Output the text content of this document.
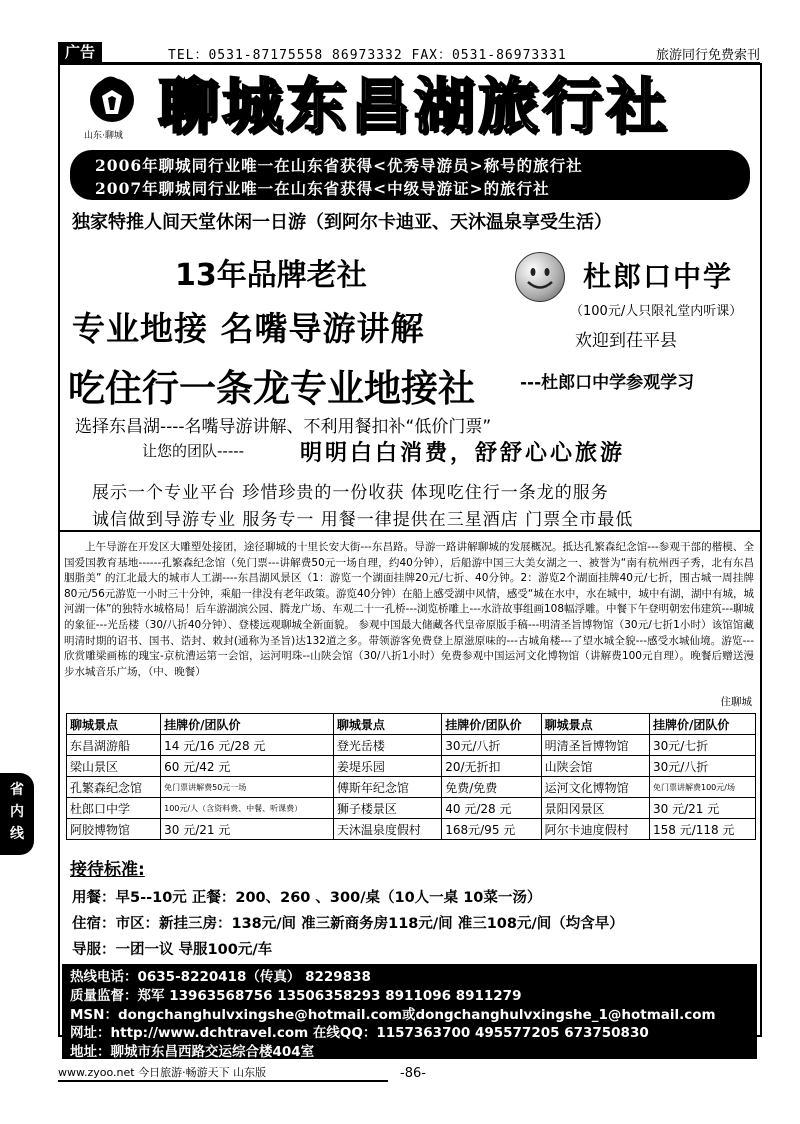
广告	TEL：0531-87175558 86973332 FAX：0531-86973331	旅游同行免费索刊
山东·聊城 聊城东昌湖旅行社
2006年聊城同行业唯一在山东省获得<优秀导游员>称号的旅行社
2007年聊城同行业唯一在山东省获得<中级导游证>的旅行社
独家特推人间天堂休闲一日游（到阿尔卡迪亚、天沐温泉享受生活）
13年品牌老社
专业地接 名嘴导游讲解
吃住行一条龙专业地接社
杜郎口中学
（100元/人只限礼堂内听课）
欢迎到茌平县
---杜郎口中学参观学习
选择东昌湖----名嘴导游讲解、不利用餐扣补“低价门票”
让您的团队-----	明明白白消费，舒舒心心旅游
展示一个专业平台 珍惜珍贵的一份收获 体现吃住行一条龙的服务
诚信做到导游专业 服务专一 用餐一律提供在三星酒店 门票全市最低
上午导游在开发区大雕塑处接团，途径聊城的十里长安大街---东昌路。导游一路讲解聊城的发展概况。抵达孔繁森纪念馆---参观干部的楷模、全国爱国教育基地------孔繁森纪念馆（免门票---讲解费50元一场自理，约40分钟），后船游中国三大美女湖之一、被誉为“南有杭州西子秀，北有东昌胭脂美” 的江北最大的城市人工湖----东昌湖风景区（1：游览一个湖面挂牌20元/七折、40分钟。2：游览2个湖面挂牌40元/七折，围古城一周挂牌80元/56元游览一小时三十分钟，乘船一律没有老年政策。游览40分钟）在船上感受湖中风情，感受“城在水中，水在城中，城中有湖，湖中有城，城河湖一体”的独特水城格局！后车游湖滨公园、腾龙广场、车观二十一孔桥---浏览桥雕上---水浒故事组画108幅浮雕。中餐下午登明朝宏伟建筑---聊城的象征---光岳楼（30/八折40分钟）、登楼远观聊城全新面貌。 参观中国最大储藏各代皇帝原版手稿---明清圣旨博物馆（30元/七折1小时）该馆馆藏明清时期的诏书、国书、诰封、敕封(通称为圣旨)达132道之多。带领游客免费登上原滋原味的---古城角楼---了望水城全貌---感受水城仙境。游览---欣赏雕梁画栋的瑰宝-京杭漕运第一会馆，运河明珠--山陕会馆（30/八折1小时）免费参观中国运河文化博物馆（讲解费100元自理）。晚餐后赠送漫步水城音乐广场，（中、晚餐）
住聊城
聊城景点	挂牌价/团队价	聊城景点	挂牌价/团队价	聊城景点	挂牌价/团队价
东昌湖游船	14 元/16 元/28 元	登光岳楼	30元/八折	明清圣旨博物馆	30元/七折
梁山景区	60 元/42 元	姜堤乐园	20/无折扣	山陕会馆	30元/八折
孔繁森纪念馆	免门票讲解费50元一场	傅斯年纪念馆	免费/免费	运河文化博物馆	免门票讲解费100元/场
杜郎口中学	100元/人（含资料费、中餐、听课费）	狮子楼景区	40 元/28 元	景阳冈景区	30 元/21 元
阿胶博物馆	30 元/21 元	天沐温泉度假村	168元/95 元	阿尔卡迪度假村	158 元/118 元
省
内
线
接待标准:
用餐：早5--10元 正餐：200、260 、300/桌（10人一桌 10菜一汤）
住宿：市区：新挂三房：138元/间 准三新商务房118元/间 准三108元/间（均含早）
导服：一团一议 导服100元/车
热线电话：0635-8220418（传真） 8229838
质量监督：郑军 13963568756 13506358293 8911096 8911279
MSN：dongchanghulvxingshe@hotmail.com或dongchanghulvxingshe_1@hotmail.com
网址：http://www.dchtravel.com 在线QQ：1157363700 495577205 673750830
地址：聊城市东昌西路交运综合楼404室
www.zyoo.net 今日旅游·畅游天下 山东版	-86-
